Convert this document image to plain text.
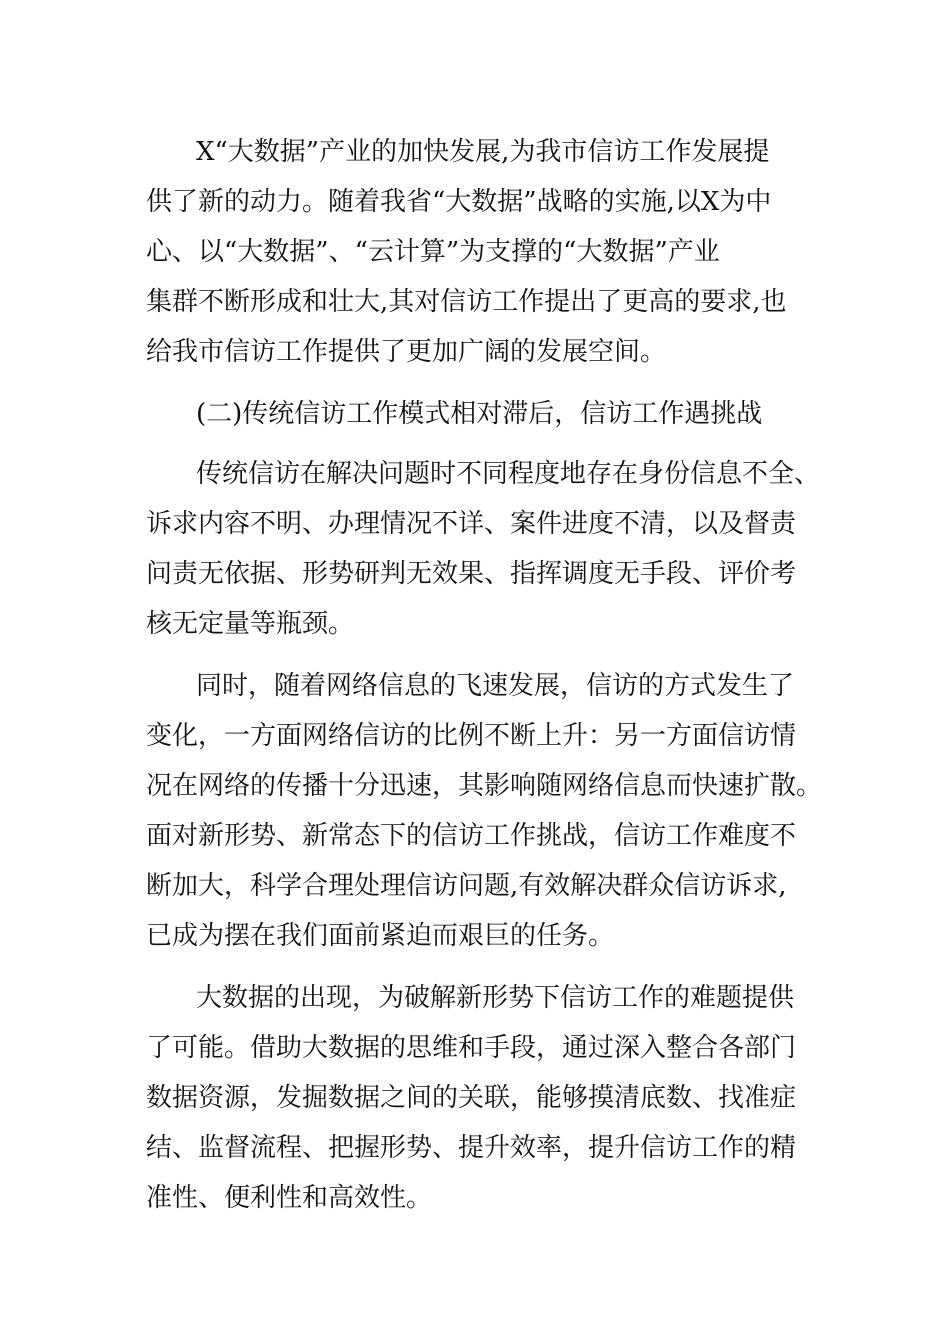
X“大数据”产业的加快发展,为我市信访工作发展提
供了新的动力。随着我省“大数据”战略的实施,以X为中
心、以“大数据”、“云计算”为支撑的“大数据”产业
集群不断形成和壮大,其对信访工作提出了更高的要求,也
给我市信访工作提供了更加广阔的发展空间。
(二)传统信访工作模式相对滞后，信访工作遇挑战
传统信访在解决问题时不同程度地存在身份信息不全、
诉求内容不明、办理情况不详、案件进度不清，以及督责
问责无依据、形势研判无效果、指挥调度无手段、评价考
核无定量等瓶颈。
同时，随着网络信息的飞速发展，信访的方式发生了
变化，一方面网络信访的比例不断上升：另一方面信访情
况在网络的传播十分迅速，其影响随网络信息而快速扩散。
面对新形势、新常态下的信访工作挑战，信访工作难度不
断加大，科学合理处理信访问题,有效解决群众信访诉求,
已成为摆在我们面前紧迫而艰巨的任务。
大数据的出现，为破解新形势下信访工作的难题提供
了可能。借助大数据的思维和手段，通过深入整合各部门
数据资源，发掘数据之间的关联，能够摸清底数、找准症
结、监督流程、把握形势、提升效率，提升信访工作的精
准性、便利性和高效性。
